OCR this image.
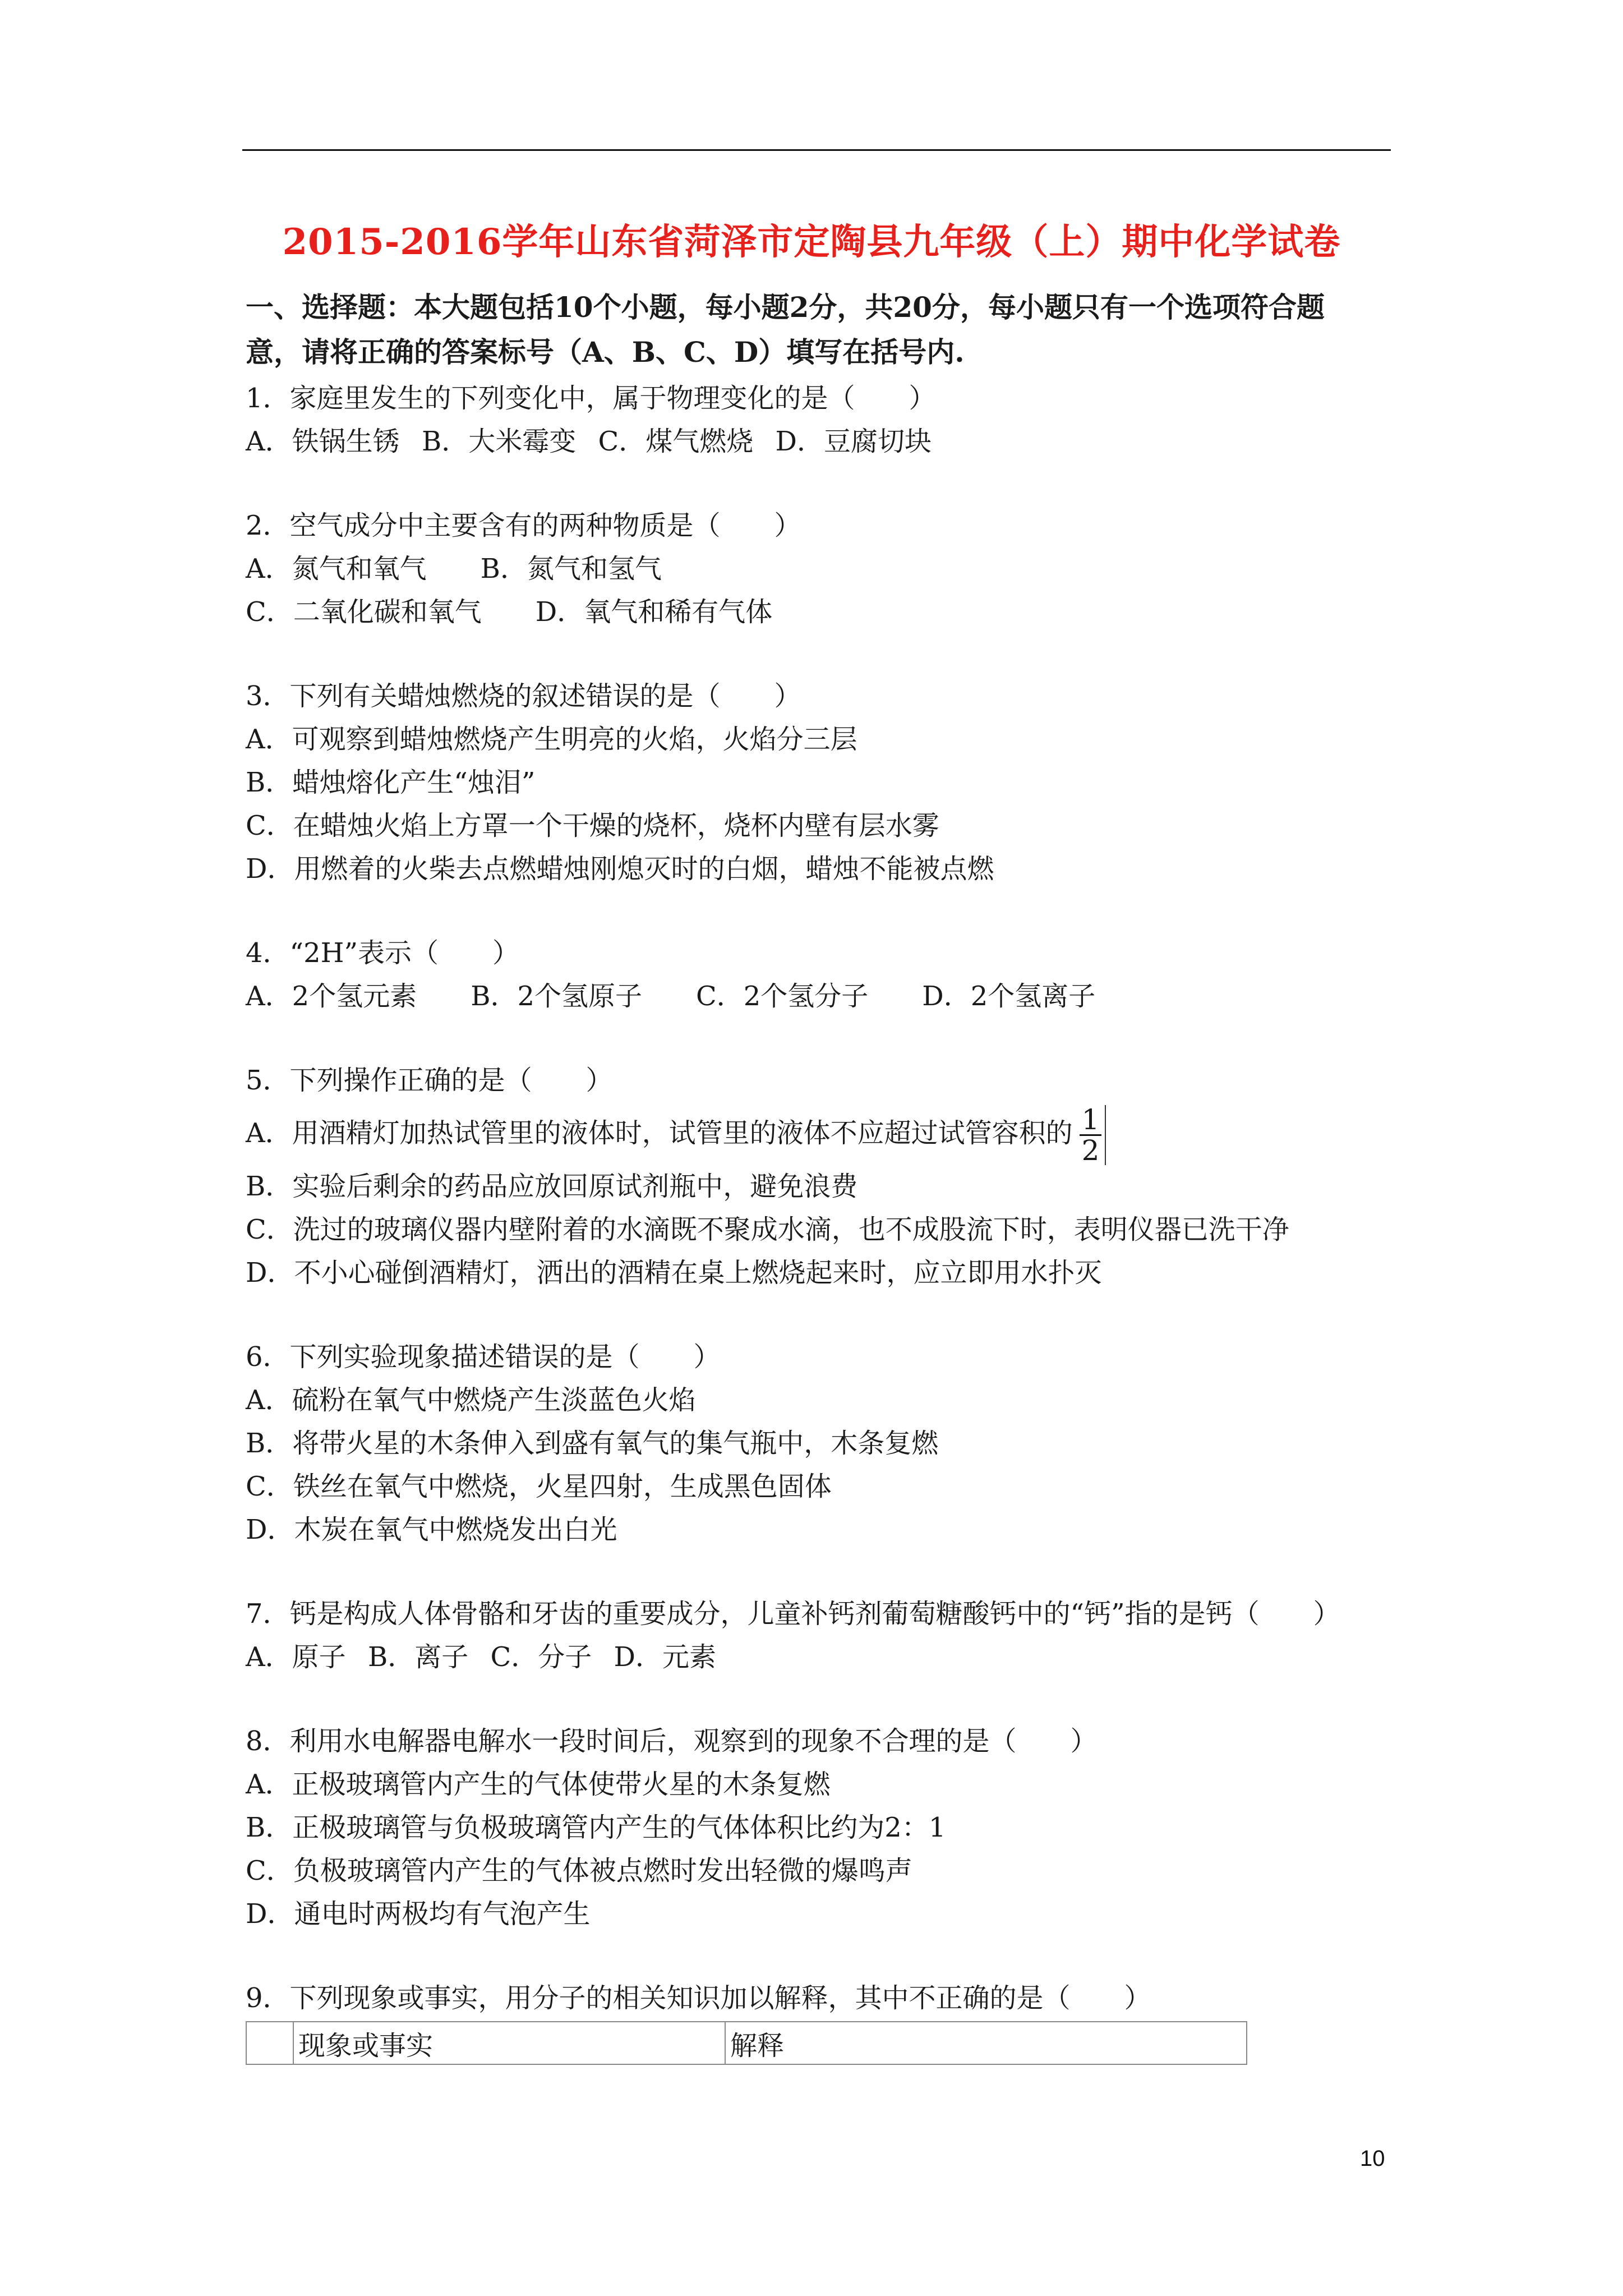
2015-2016学年山东省菏泽市定陶县九年级（上）期中化学试卷
一、选择题：本大题包括10个小题，每小题2分，共20分，每小题只有一个选项符合题
意，请将正确的答案标号（A、B、C、D）填写在括号内.
1．家庭里发生的下列变化中，属于物理变化的是（　　）
A．铁锅生锈 B．大米霉变 C．煤气燃烧 D．豆腐切块
2．空气成分中主要含有的两种物质是（　　）
A．氮气和氧气　　B．氮气和氢气
C．二氧化碳和氧气　　D．氧气和稀有气体
3．下列有关蜡烛燃烧的叙述错误的是（　　）
A．可观察到蜡烛燃烧产生明亮的火焰，火焰分三层
B．蜡烛熔化产生“烛泪”
C．在蜡烛火焰上方罩一个干燥的烧杯，烧杯内壁有层水雾
D．用燃着的火柴去点燃蜡烛刚熄灭时的白烟，蜡烛不能被点燃
4．“2H”表示（　　）
A．2个氢元素　　B．2个氢原子　　C．2个氢分子　　D．2个氢离子
5．下列操作正确的是（　　）
A．用酒精灯加热试管里的液体时，试管里的液体不应超过试管容积的 $\frac{1}{2}$
B．实验后剩余的药品应放回原试剂瓶中，避免浪费
C．洗过的玻璃仪器内壁附着的水滴既不聚成水滴，也不成股流下时，表明仪器已洗干净
D．不小心碰倒酒精灯，洒出的酒精在桌上燃烧起来时，应立即用水扑灭
6．下列实验现象描述错误的是（　　）
A．硫粉在氧气中燃烧产生淡蓝色火焰
B．将带火星的木条伸入到盛有氧气的集气瓶中，木条复燃
C．铁丝在氧气中燃烧，火星四射，生成黑色固体
D．木炭在氧气中燃烧发出白光
7．钙是构成人体骨骼和牙齿的重要成分，儿童补钙剂葡萄糖酸钙中的“钙”指的是钙（　　）
A．原子 B．离子 C．分子 D．元素
8．利用水电解器电解水一段时间后，观察到的现象不合理的是（　　）
A．正极玻璃管内产生的气体使带火星的木条复燃
B．正极玻璃管与负极玻璃管内产生的气体体积比约为2：1
C．负极玻璃管内产生的气体被点燃时发出轻微的爆鸣声
D．通电时两极均有气泡产生
9．下列现象或事实，用分子的相关知识加以解释，其中不正确的是（　　）
	现象或事实	解释
10
